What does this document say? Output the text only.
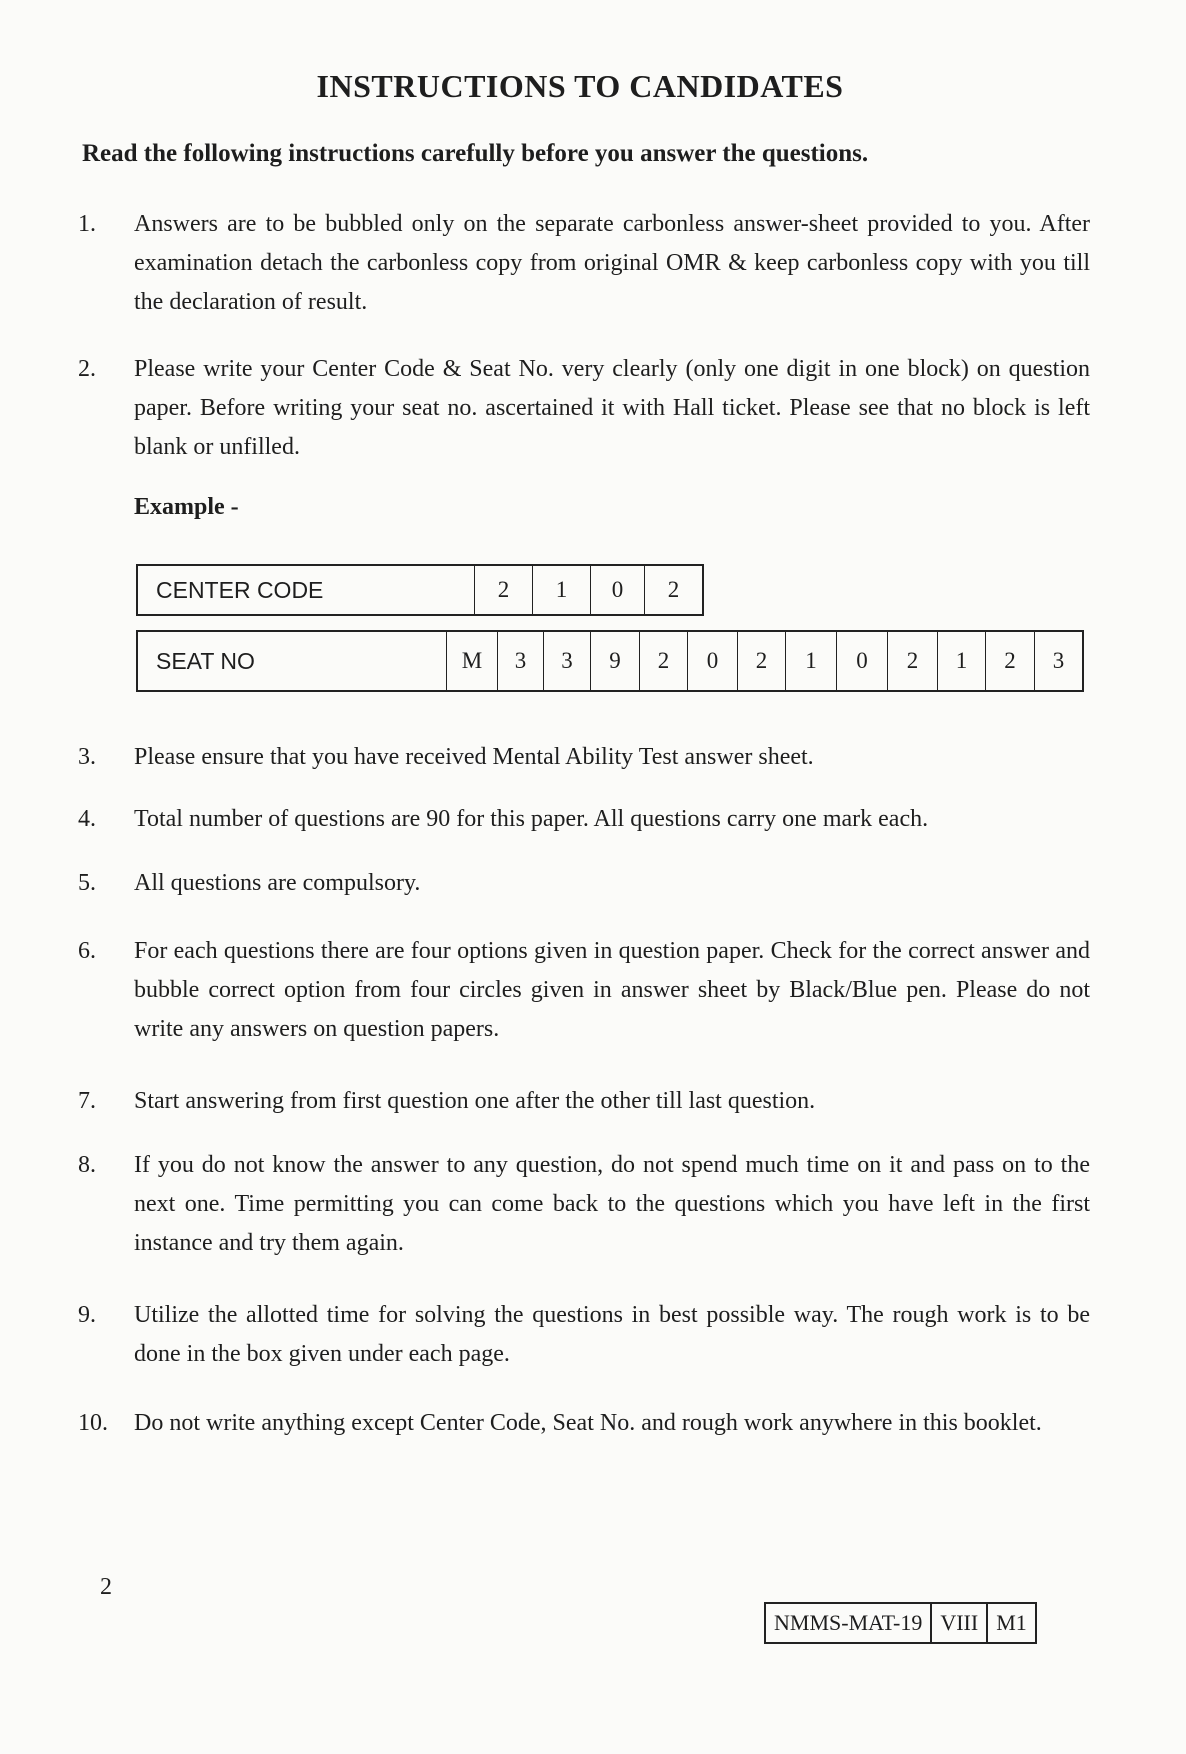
INSTRUCTIONS TO CANDIDATES
Read the following instructions carefully before you answer the questions.
1.	Answers are to be bubbled only on the separate carbonless answer-sheet provided to you. After examination detach the carbonless copy from original OMR & keep carbonless copy with you till the declaration of result.
2.	Please write your Center Code & Seat No. very clearly (only one digit in one block) on question paper. Before writing your seat no. ascertained it with Hall ticket. Please see that no block is left blank or unfilled.
Example -
CENTER CODE	2	1	0	2
SEAT NO	M	3	3	9	2	0	2	1	0	2	1	2	3
3.	Please ensure that you have received Mental Ability Test answer sheet.
4.	Total number of questions are 90 for this paper. All questions carry one mark each.
5.	All questions are compulsory.
6.	For each questions there are four options given in question paper. Check for the correct answer and bubble correct option from four circles given in answer sheet by Black/Blue pen. Please do not write any answers on question papers.
7.	Start answering from first question one after the other till last question.
8.	If you do not know the answer to any question, do not spend much time on it and pass on to the next one. Time permitting you can come back to the questions which you have left in the first instance and try them again.
9.	Utilize the allotted time for solving the questions in best possible way. The rough work is to be done in the box given under each page.
10.	Do not write anything except Center Code, Seat No. and rough work anywhere in this booklet.
2
NMMS-MAT-19 VIII M1
